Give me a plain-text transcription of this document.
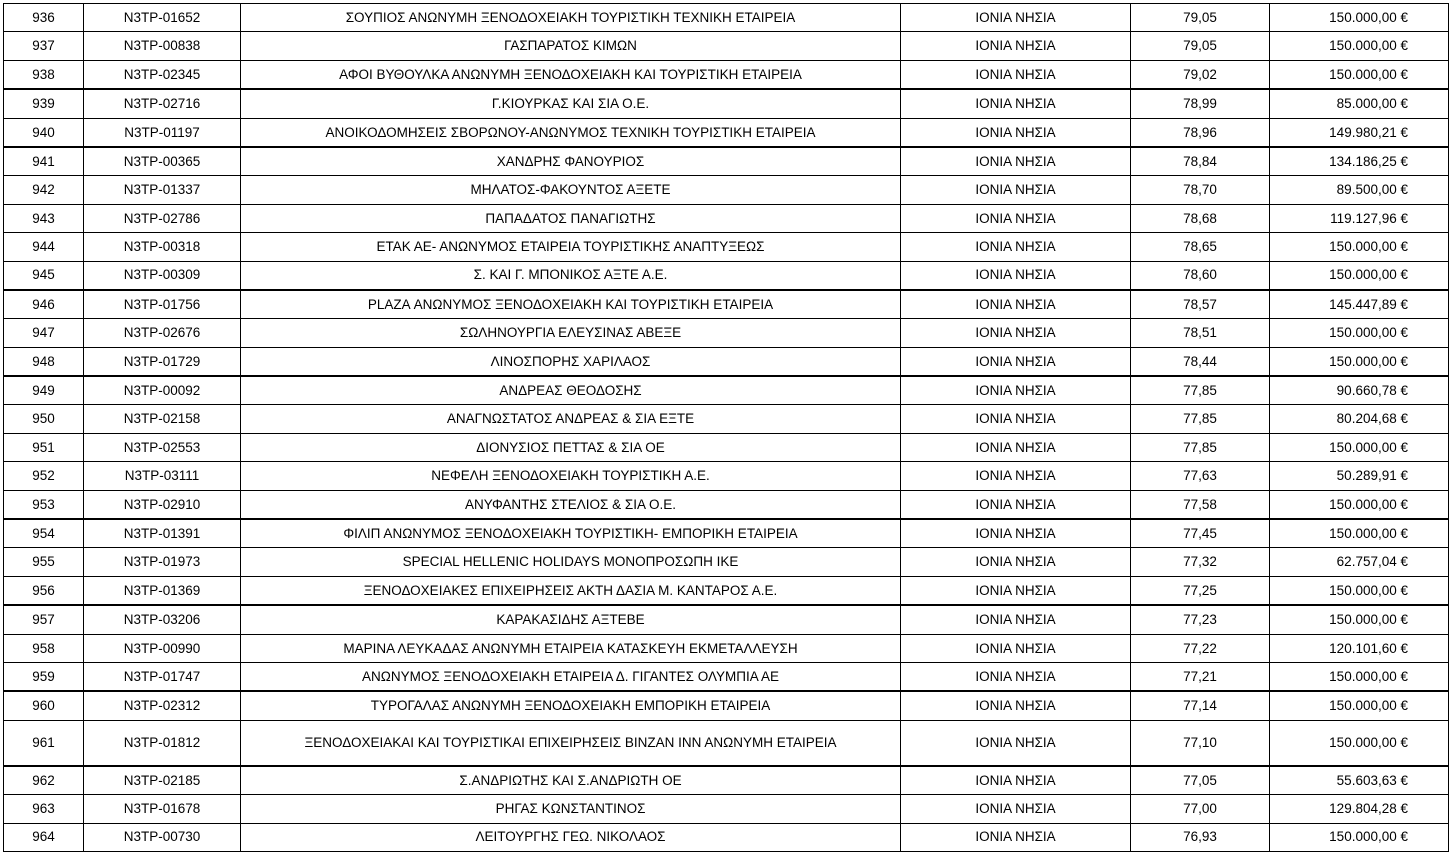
936	N3TP-01652	ΣΟΥΠΙΟΣ ΑΝΩΝΥΜΗ ΞΕΝΟΔΟΧΕΙΑΚΗ ΤΟΥΡΙΣΤΙΚΗ ΤΕΧΝΙΚΗ ΕΤΑΙΡΕΙΑ	ΙΟΝΙΑ ΝΗΣΙΑ	79,05	150.000,00 €
937	N3TP-00838	ΓΑΣΠΑΡΑΤΟΣ ΚΙΜΩΝ	ΙΟΝΙΑ ΝΗΣΙΑ	79,05	150.000,00 €
938	N3TP-02345	ΑΦΟΙ ΒΥΘΟΥΛΚΑ ΑΝΩΝΥΜΗ ΞΕΝΟΔΟΧΕΙΑΚΗ ΚΑΙ ΤΟΥΡΙΣΤΙΚΗ ΕΤΑΙΡΕΙΑ	ΙΟΝΙΑ ΝΗΣΙΑ	79,02	150.000,00 €
939	N3TP-02716	Γ.ΚΙΟΥΡΚΑΣ ΚΑΙ ΣΙΑ Ο.Ε.	ΙΟΝΙΑ ΝΗΣΙΑ	78,99	85.000,00 €
940	N3TP-01197	ΑΝΟΙΚΟΔΟΜΗΣΕΙΣ ΣΒΟΡΩΝΟΥ-ΑΝΩΝΥΜΟΣ ΤΕΧΝΙΚΗ ΤΟΥΡΙΣΤΙΚΗ ΕΤΑΙΡΕΙΑ	ΙΟΝΙΑ ΝΗΣΙΑ	78,96	149.980,21 €
941	N3TP-00365	ΧΑΝΔΡΗΣ ΦΑΝΟΥΡΙΟΣ	ΙΟΝΙΑ ΝΗΣΙΑ	78,84	134.186,25 €
942	N3TP-01337	ΜΗΛΑΤΟΣ-ΦΑΚΟΥΝΤΟΣ ΑΞΕΤΕ	ΙΟΝΙΑ ΝΗΣΙΑ	78,70	89.500,00 €
943	N3TP-02786	ΠΑΠΑΔΑΤΟΣ ΠΑΝΑΓΙΩΤΗΣ	ΙΟΝΙΑ ΝΗΣΙΑ	78,68	119.127,96 €
944	N3TP-00318	ΕΤΑΚ ΑΕ- ΑΝΩΝΥΜΟΣ ΕΤΑΙΡΕΙΑ ΤΟΥΡΙΣΤΙΚΗΣ ΑΝΑΠΤΥΞΕΩΣ	ΙΟΝΙΑ ΝΗΣΙΑ	78,65	150.000,00 €
945	N3TP-00309	Σ. ΚΑΙ Γ. ΜΠΟΝΙΚΟΣ ΑΞΤΕ Α.Ε.	ΙΟΝΙΑ ΝΗΣΙΑ	78,60	150.000,00 €
946	N3TP-01756	PLAZA ΑΝΩΝΥΜΟΣ ΞΕΝΟΔΟΧΕΙΑΚΗ ΚΑΙ ΤΟΥΡΙΣΤΙΚΗ ΕΤΑΙΡΕΙΑ	ΙΟΝΙΑ ΝΗΣΙΑ	78,57	145.447,89 €
947	N3TP-02676	ΣΩΛΗΝΟΥΡΓΙΑ ΕΛΕΥΣΙΝΑΣ ΑΒΕΞΕ	ΙΟΝΙΑ ΝΗΣΙΑ	78,51	150.000,00 €
948	N3TP-01729	ΛΙΝΟΣΠΟΡΗΣ ΧΑΡΙΛΑΟΣ	ΙΟΝΙΑ ΝΗΣΙΑ	78,44	150.000,00 €
949	N3TP-00092	ΑΝΔΡΕΑΣ ΘΕΟΔΟΣΗΣ	ΙΟΝΙΑ ΝΗΣΙΑ	77,85	90.660,78 €
950	N3TP-02158	ΑΝΑΓΝΩΣΤΑΤΟΣ ΑΝΔΡΕΑΣ & ΣΙΑ ΕΞΤΕ	ΙΟΝΙΑ ΝΗΣΙΑ	77,85	80.204,68 €
951	N3TP-02553	ΔΙΟΝΥΣΙΟΣ ΠΕΤΤΑΣ & ΣΙΑ ΟΕ	ΙΟΝΙΑ ΝΗΣΙΑ	77,85	150.000,00 €
952	N3TP-03111	ΝΕΦΕΛΗ ΞΕΝΟΔΟΧΕΙΑΚΗ ΤΟΥΡΙΣΤΙΚΗ Α.Ε.	ΙΟΝΙΑ ΝΗΣΙΑ	77,63	50.289,91 €
953	N3TP-02910	ΑΝΥΦΑΝΤΗΣ ΣΤΕΛΙΟΣ & ΣΙΑ Ο.Ε.	ΙΟΝΙΑ ΝΗΣΙΑ	77,58	150.000,00 €
954	N3TP-01391	ΦΙΛΙΠ ΑΝΩΝΥΜΟΣ ΞΕΝΟΔΟΧΕΙΑΚΗ ΤΟΥΡΙΣΤΙΚΗ- ΕΜΠΟΡΙΚΗ ΕΤΑΙΡΕΙΑ	ΙΟΝΙΑ ΝΗΣΙΑ	77,45	150.000,00 €
955	N3TP-01973	SPECIAL HELLENIC HOLIDAYS ΜΟΝΟΠΡΟΣΩΠΗ ΙΚΕ	ΙΟΝΙΑ ΝΗΣΙΑ	77,32	62.757,04 €
956	N3TP-01369	ΞΕΝΟΔΟΧΕΙΑΚΕΣ ΕΠΙΧΕΙΡΗΣΕΙΣ ΑΚΤΗ ΔΑΣΙΑ Μ. ΚΑΝΤΑΡΟΣ Α.Ε.	ΙΟΝΙΑ ΝΗΣΙΑ	77,25	150.000,00 €
957	N3TP-03206	ΚΑΡΑΚΑΣΙΔΗΣ ΑΞΤΕΒΕ	ΙΟΝΙΑ ΝΗΣΙΑ	77,23	150.000,00 €
958	N3TP-00990	ΜΑΡΙΝΑ ΛΕΥΚΑΔΑΣ ΑΝΩΝΥΜΗ ΕΤΑΙΡΕΙΑ ΚΑΤΑΣΚΕΥΗ ΕΚΜΕΤΑΛΛΕΥΣΗ	ΙΟΝΙΑ ΝΗΣΙΑ	77,22	120.101,60 €
959	N3TP-01747	ΑΝΩΝΥΜΟΣ ΞΕΝΟΔΟΧΕΙΑΚΗ ΕΤΑΙΡΕΙΑ Δ. ΓΙΓΑΝΤΕΣ ΟΛΥΜΠΙΑ ΑΕ	ΙΟΝΙΑ ΝΗΣΙΑ	77,21	150.000,00 €
960	N3TP-02312	ΤΥΡΟΓΑΛΑΣ ΑΝΩΝΥΜΗ ΞΕΝΟΔΟΧΕΙΑΚΗ ΕΜΠΟΡΙΚΗ ΕΤΑΙΡΕΙΑ	ΙΟΝΙΑ ΝΗΣΙΑ	77,14	150.000,00 €
961	N3TP-01812	ΞΕΝΟΔΟΧΕΙΑΚΑΙ ΚΑΙ ΤΟΥΡΙΣΤΙΚΑΙ ΕΠΙΧΕΙΡΗΣΕΙΣ ΒΙΝΖΑΝ ΙΝΝ ΑΝΩΝΥΜΗ ΕΤΑΙΡΕΙΑ	ΙΟΝΙΑ ΝΗΣΙΑ	77,10	150.000,00 €
962	N3TP-02185	Σ.ΑΝΔΡΙΩΤΗΣ ΚΑΙ Σ.ΑΝΔΡΙΩΤΗ ΟΕ	ΙΟΝΙΑ ΝΗΣΙΑ	77,05	55.603,63 €
963	N3TP-01678	ΡΗΓΑΣ ΚΩΝΣΤΑΝΤΙΝΟΣ	ΙΟΝΙΑ ΝΗΣΙΑ	77,00	129.804,28 €
964	N3TP-00730	ΛΕΙΤΟΥΡΓΗΣ ΓΕΩ. ΝΙΚΟΛΑΟΣ	ΙΟΝΙΑ ΝΗΣΙΑ	76,93	150.000,00 €
